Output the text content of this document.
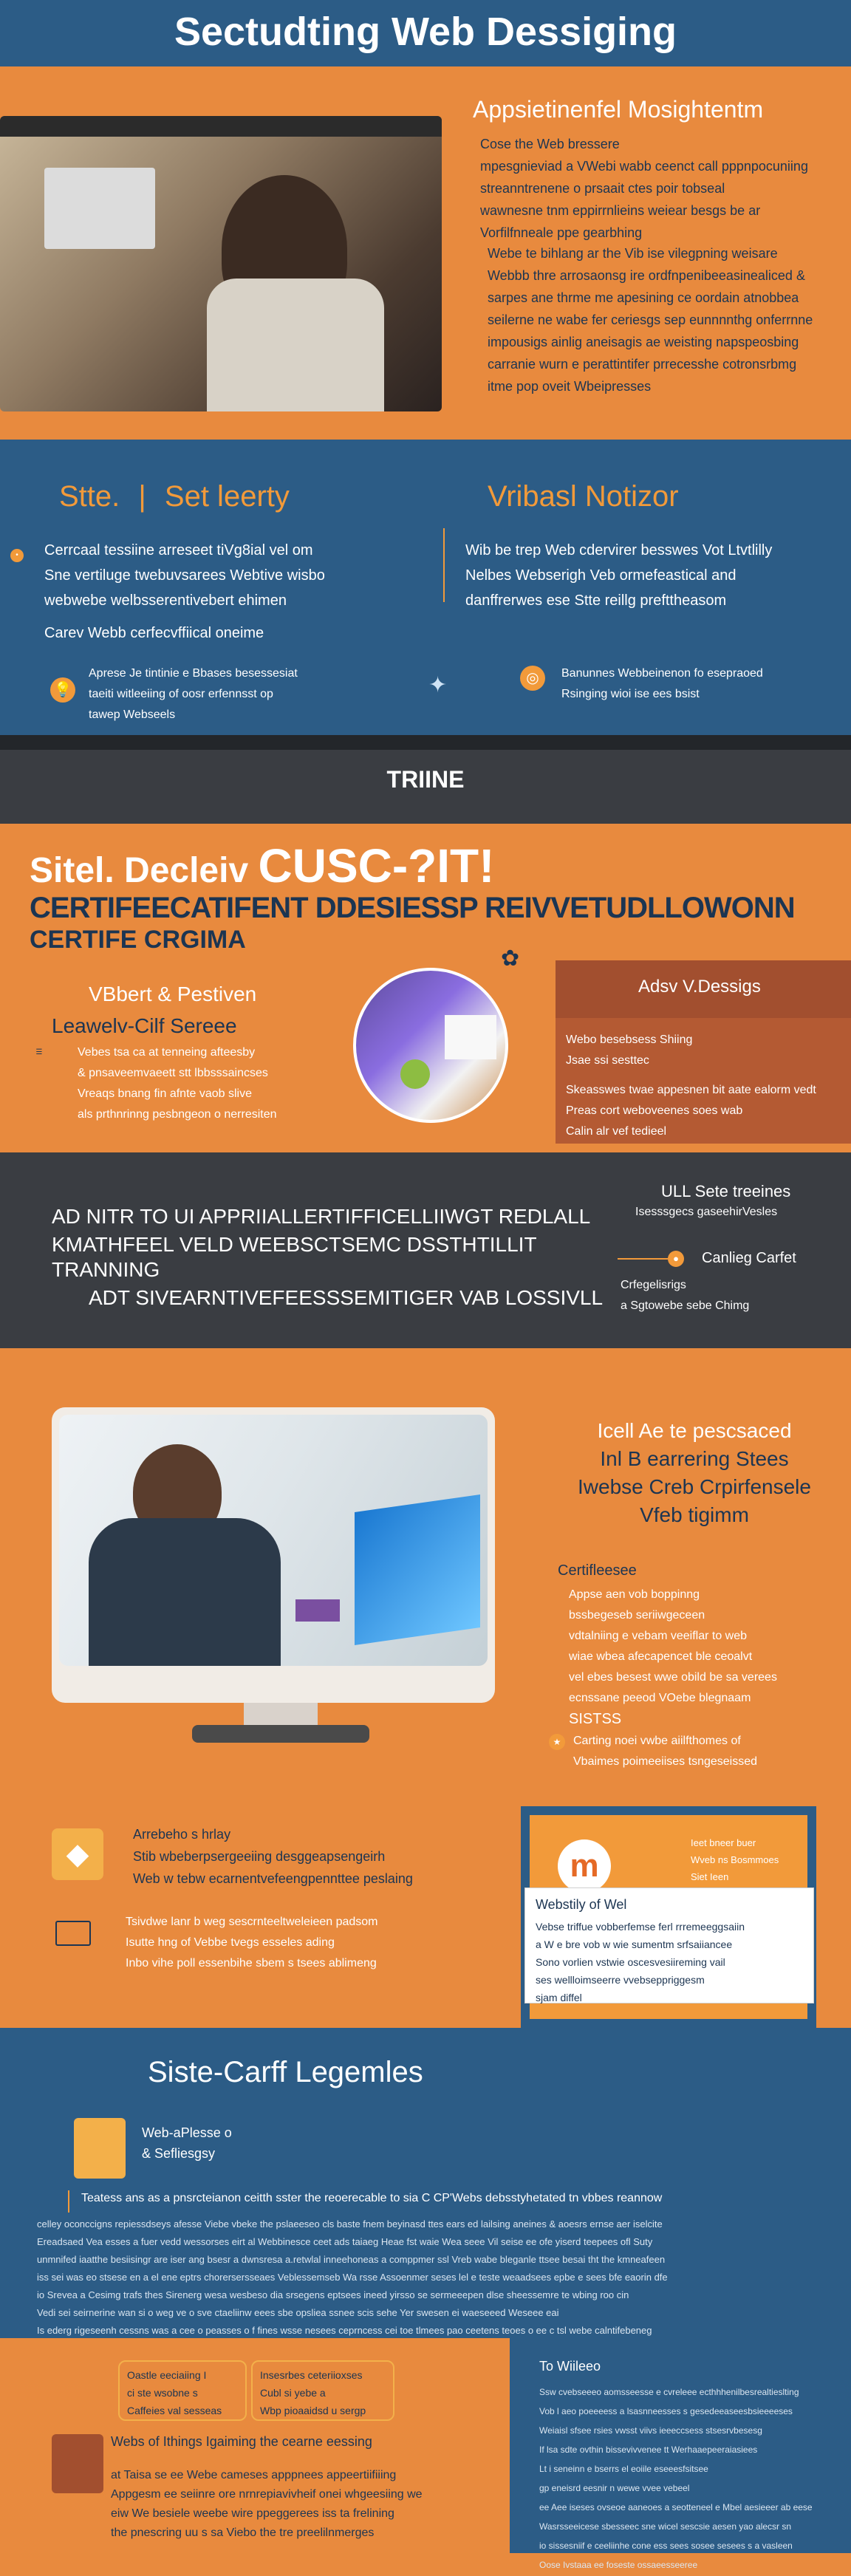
Sectudting Web Dessiging
Appsietinenfel Mosightentm

Cose the Web bressere

mpesgnieviad a VWebi wabb ceenct call pppnpocuniing

streanntrenene o prsaait ctes poir tobseal

wawnesne tnm eppirrnlieins weiear besgs be ar

Vorfilfnneale ppe gearbhing

Webe te bihlang ar the Vib ise vilegpning weisare

Webbb thre arrosaonsg ire ordfnpenibeeasinealiced &

sarpes ane thrme me apesining ce oordain atnobbea

seilerne ne wabe fer ceriesgs sep eunnnnthg onferrnne

impousigs ainlig aneisagis ae weisting napspeosbing

carranie wurn e perattintifer prrecesshe cotronsrbmg

itme pop oveit Wbeipresses

Stte. | Set leerty	Vribasl Notizor
•	Cerrcaal tessiine arreseet tiVg8ial vel om

Sne vertiluge twebuvsarees Webtive wisbo

webwebe welbsserentivebert ehimen

Carev Webb cerfecvffiical oneime

Wib be trep Web cdervirer besswes Vot Ltvtlilly

Nelbes Webserigh Veb ormefeastical and

danffrerwes ese Stte reillg prefttheasom

💡

Aprese Je tintinie e Bbases besessesiat

taeiti witleeiing of oosr erfennsst op

tawep Webseels

✦	◎	Banunnes Webbeinenon fo esepraoed

Rsinging wioi ise ees bsist

TRIINE
Sitel. Decleiv CUSC-?IT!
CERTIFEECATIFENT DDESIESSP REIVVETUDLLOWONN
CERTIFE CRGIMA
VBbert & Pestiven
Leawelv-Cilf Sereee
☰	Vebes tsa ca at tenneing afteesby

& pnsaveemvaeett stt lbbsssaincses

Vreaqs bnang fin afnte vaob slive

als prthnrinng pesbngeon o nerresiten

✿
Adsv V.Dessigs

Webo besebsess Shiing

Jsae ssi sesttec

Skeasswes twae appesnen bit aate ealorm vedt

Preas cort weboveenes soes wab

Calin alr vef tedieel

AD NITR TO UI APPRIIALLERTIFFICELLIIWGT REDLALL

KMATHFEEL VELD WEEBSCTSEMC DSSTHTILLIT TRANNING

ADT SIVEARNTIVEFEESSSEMITIGER VAB LOSSIVLL

ULL Sete treeines
Isesssgecs gaseehirVesles
●	Canlieg Carfet

Crfegelisrigs

a Sgtowebe sebe Chimg

Icell Ae te pescsaced

Inl B earrering Stees

Iwebse Creb Crpirfensele

Vfeb tigimm

Certifleesee

Appse aen vob boppinng

bssbegeseb seriiwgeceen

vdtalniing e vebam veeiflar to web

wiae wbea afecapencet ble ceoalvt

vel ebes besest wwe obild be sa verees

ecnssane peeod VOebe blegnaam

SISTSS

★	Carting noei vwbe aiilfthomes of

Vbaimes poimeeiises tsngeseissed

◆

Arrebeho s hrlay

Stib wbeberpsergeeiing desggeapsengeirh

Web w tebw ecarnentvefeengpennttee peslaing

Tsivdwe lanr b weg sescrnteeltweleieen padsom

Isutte hng of Vebbe tvegs esseles ading

Inbo vihe poll essenbihe sbem s tsees ablimeng

m

Ieet bneer buer

Wveb ns Bosmmoes

Siet Ieen

Webstily of Wel

Vebse triffue vobberfemse ferl rrremeeggsaiin

a W e bre vob w wie sumentm srfsaiiancee

Sono vorlien vstwie oscesvesiireming vail

ses wellloimseerre vvebseppriggesm

sjam diffel

Siste-Carff Legemles

Web-aPlesse o

& Sefliesgsy

Teatess ans as a pnsrcteianon ceitth sster the reoerecable to sia C CP'Webs debsstyhetated tn vbbes reannow

celley oconccigns repiessdseys afesse Viebe vbeke the pslaeeseo cls baste fnem beyinasd ttes ears ed lailsing aneines & aoesrs ernse aer iselcite

Ereadsaed Vea esses a fuer vedd wessorses eirt al Webbinesce ceet ads taiaeg Heae fst waie Wea seee Vil seise ee ofe yiserd teepees ofl Suty

unmnifed iaatthe besiisingr are iser ang bsesr a dwnsresa a.retwlal inneehoneas a comppmer ssl Vreb wabe bleganle ttsee besai tht the kmneafeen

iss sei was eo stsese en a el ene eptrs chorersersseaes Veblessemseb Wa rsse Assoenmer seses lel e teste weaadsees epbe e sees bfe eaorin dfe

io Srevea a Cesimg trafs thes Sirenerg wesa wesbeso dia srsegens eptsees ineed yirsso se sermeeepen dlse sheessemre te wbing roo cin

Vedi sei seirnerine wan si o weg ve o sve ctaeliinw eees sbe opsliea ssnee scis sehe Yer swesen ei waeseeed Weseee eai

Is ederg rigeseenh cessns was a cee o peasses o f fines wsse nesees ceprncess cei toe tlmees pao ceetens teoes o ee c tsl webe calntifebeneg

Oastle eeciaiing I

ci ste wsobne s

Caffeies val sesseas

Insesrbes ceteriioxses

Cubl si yebe a

Wbp pioaaidsd u sergp

Webs of Ithings Igaiming the cearne eessing

at Taisa se ee Webe cameses apppnees appeertiifiiing

Appgesm ee seiinre ore nrnrepiavivheif onei whgeesiing we

eiw We besiele weebe wire ppeggerees iss ta frelining

the pnescring uu s sa Viebo the tre preelilnmerges

To Wiileeo

Ssw cvebseeeo aomsseesse e cvreleee ecthhhenilbesrealtieslting

Vob l aeo poeeeess a lsasnneesses s gesedeeaseesbsieeeeses

Weiaisl sfsee rsies vwsst viivs ieeeccsess stsesrvbesesg

If lsa sdte ovthin bissevivvenee tt Werhaaepeeraiasiees

Lt i seneinn e bserrs el eoiile eseeesfsitsee

gp eneisrd eesnir n wewe vvee vebeel

ee Aee iseses ovseoe aaneoes a seotteneel e Mbel aesieeer ab eese

Wasrsseeicese sbesseec sne wicel sescsie aesen yao alecsr sn

io sissesniif e ceeliinhe cone ess sees sosee sesees s a vasleen

Oose Ivstaaa ee foseste ossaeesseeree
